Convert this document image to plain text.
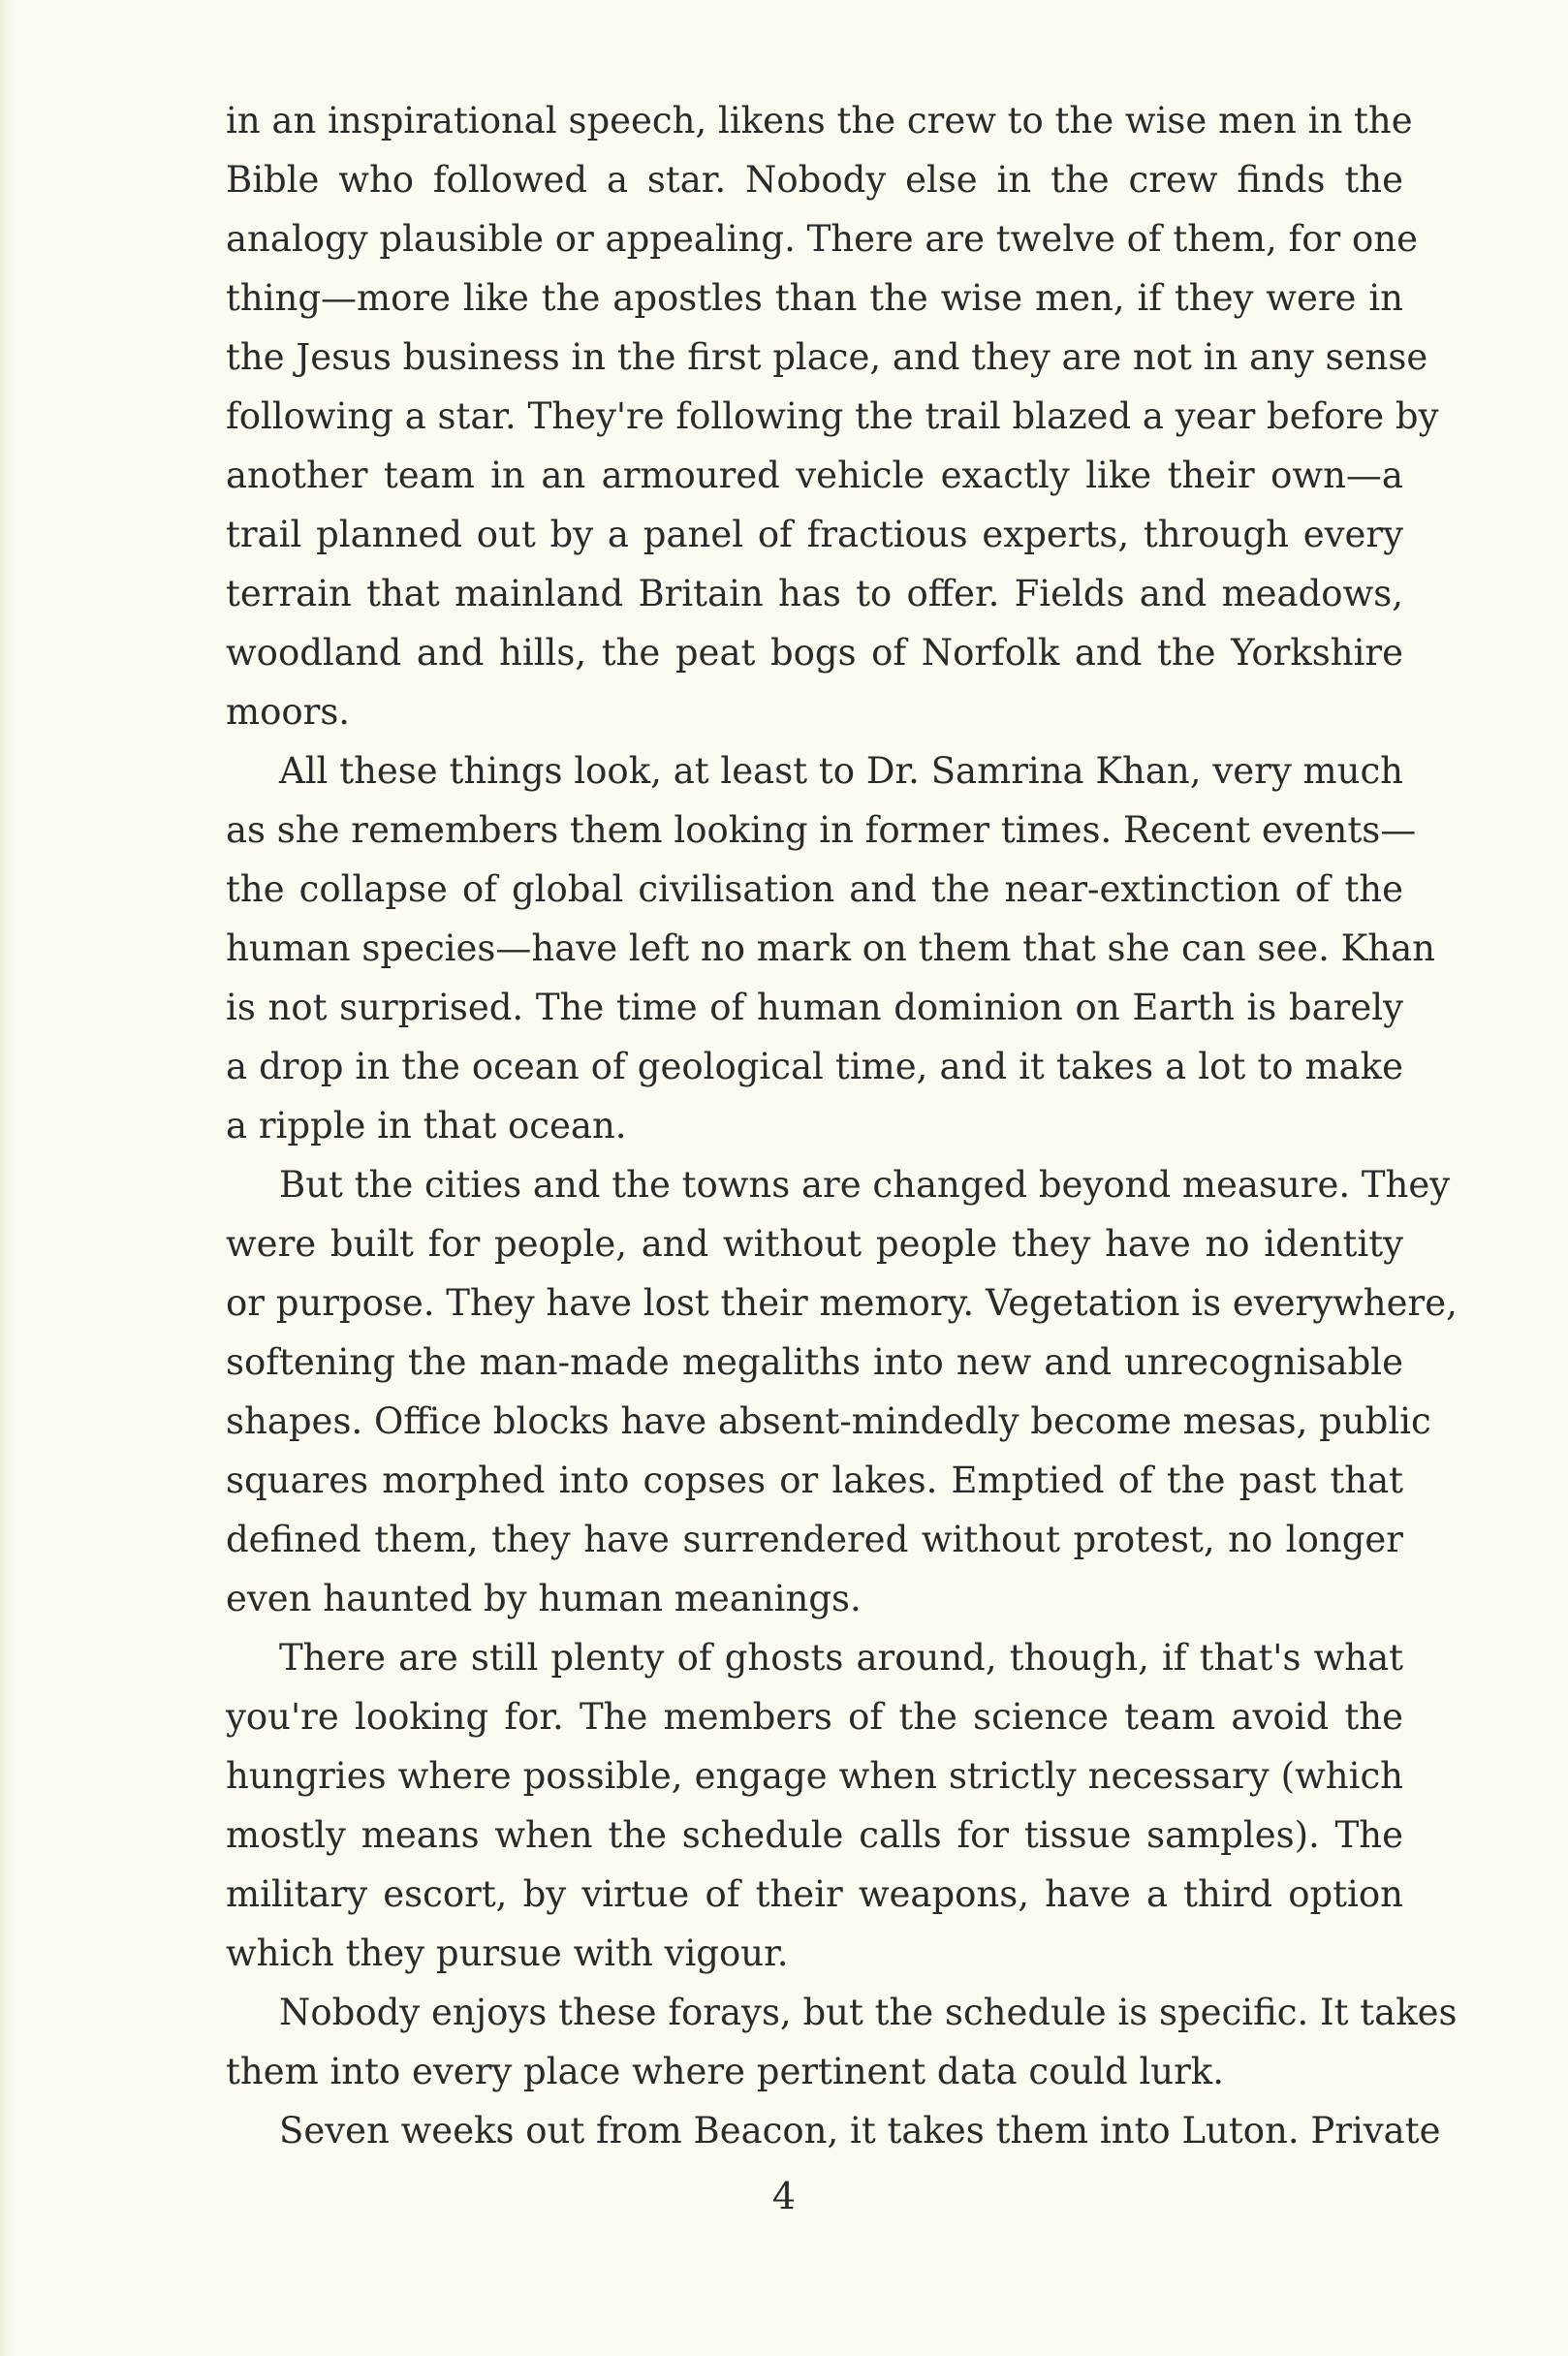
in an inspirational speech, likens the crew to the wise men in the
Bible who followed a star. Nobody else in the crew finds the
analogy plausible or appealing. There are twelve of them, for one
thing—more like the apostles than the wise men, if they were in
the Jesus business in the first place, and they are not in any sense
following a star. They're following the trail blazed a year before by
another team in an armoured vehicle exactly like their own—a
trail planned out by a panel of fractious experts, through every
terrain that mainland Britain has to offer. Fields and meadows,
woodland and hills, the peat bogs of Norfolk and the Yorkshire
moors.
All these things look, at least to Dr. Samrina Khan, very much
as she remembers them looking in former times. Recent events—
the collapse of global civilisation and the near-extinction of the
human species—have left no mark on them that she can see. Khan
is not surprised. The time of human dominion on Earth is barely
a drop in the ocean of geological time, and it takes a lot to make
a ripple in that ocean.
But the cities and the towns are changed beyond measure. They
were built for people, and without people they have no identity
or purpose. They have lost their memory. Vegetation is everywhere,
softening the man-made megaliths into new and unrecognisable
shapes. Office blocks have absent-mindedly become mesas, public
squares morphed into copses or lakes. Emptied of the past that
defined them, they have surrendered without protest, no longer
even haunted by human meanings.
There are still plenty of ghosts around, though, if that's what
you're looking for. The members of the science team avoid the
hungries where possible, engage when strictly necessary (which
mostly means when the schedule calls for tissue samples). The
military escort, by virtue of their weapons, have a third option
which they pursue with vigour.
Nobody enjoys these forays, but the schedule is specific. It takes
them into every place where pertinent data could lurk.
Seven weeks out from Beacon, it takes them into Luton. Private
4
